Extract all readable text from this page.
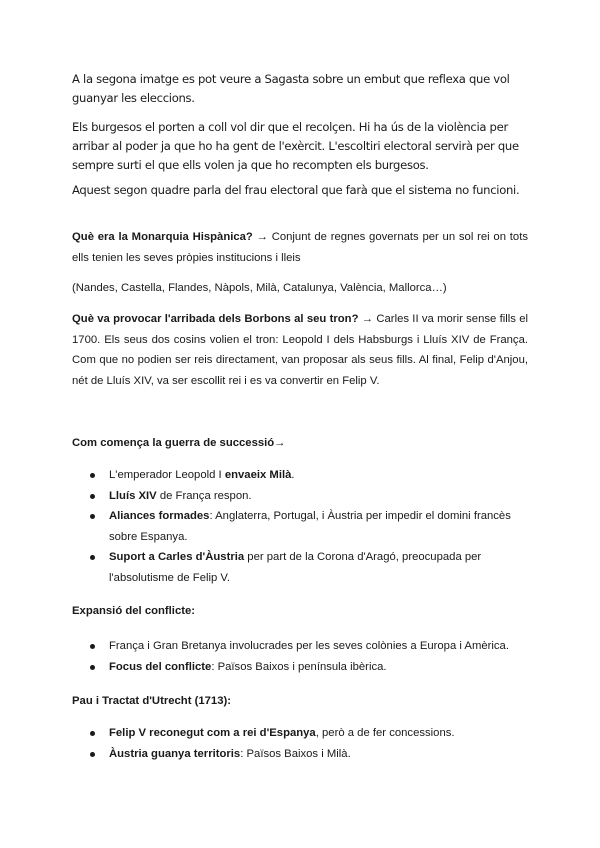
A la segona imatge es pot veure a Sagasta sobre un embut que reflexa que vol guanyar les eleccions.

Els burgesos el porten a coll vol dir que el recolçen. Hi ha ús de la violència per arribar al poder ja que ho ha gent de l'exèrcit. L'escoltiri electoral servirà per que sempre surti el que ells volen ja que ho recompten els burgesos.

Aquest segon quadre parla del frau electoral que farà que el sistema no funcioni.

Què era la Monarquia Hispànica? → Conjunt de regnes governats per un sol rei on tots ells tenien les seves pròpies institucions i lleis

(Nandes, Castella, Flandes, Nàpols, Milà, Catalunya, València, Mallorca…)

Què va provocar l'arribada dels Borbons al seu tron? → Carles II va morir sense fills el 1700. Els seus dos cosins volien el tron: Leopold I dels Habsburgs i Lluís XIV de França. Com que no podien ser reis directament, van proposar als seus fills. Al final, Felip d'Anjou, nét de Lluís XIV, va ser escollit rei i es va convertir en Felip V.

Com comença la guerra de successió→

L'emperador Leopold I envaeix Milà.
Lluís XIV de França respon.
Aliances formades: Anglaterra, Portugal, i Àustria per impedir el domini francès sobre Espanya.
Suport a Carles d'Àustria per part de la Corona d'Aragó, preocupada per l'absolutisme de Felip V.

Expansió del conflicte:

França i Gran Bretanya involucrades per les seves colònies a Europa i Amèrica.
Focus del conflicte: Països Baixos i península ibèrica.

Pau i Tractat d'Utrecht (1713):

Felip V reconegut com a rei d'Espanya, però a de fer concessions.
Àustria guanya territoris: Països Baixos i Milà.
